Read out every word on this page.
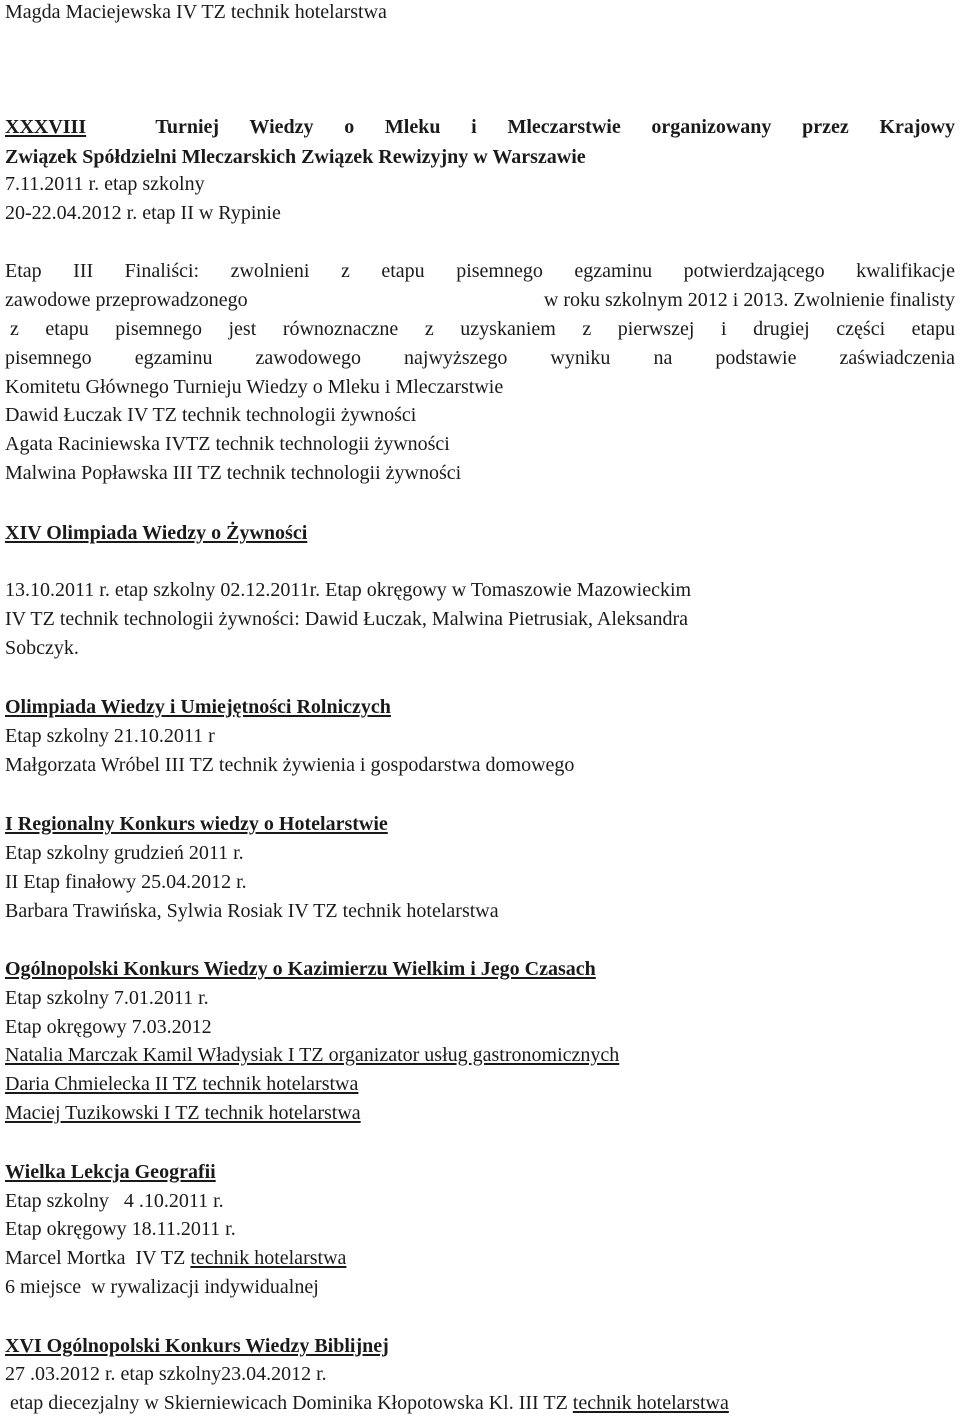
Magda Maciejewska IV TZ technik hotelarstwa
XXXVIII	Turniej Wiedzy o Mleku i Mleczarstwie organizowany przez Krajowy
Związek Spółdzielni Mleczarskich Związek Rewizyjny w Warszawie
7.11.2011 r. etap szkolny
20-22.04.2012 r. etap II w Rypinie
Etap III Finaliści: zwolnieni z etapu pisemnego egzaminu potwierdzającego kwalifikacje
zawodowe przeprowadzonego	w roku szkolnym 2012 i 2013. Zwolnienie finalisty
z etapu pisemnego jest równoznaczne z uzyskaniem z pierwszej i drugiej części etapu
pisemnego egzaminu zawodowego najwyższego wyniku na podstawie zaświadczenia
Komitetu Głównego Turnieju Wiedzy o Mleku i Mleczarstwie
Dawid Łuczak IV TZ technik technologii żywności
Agata Raciniewska IVTZ technik technologii żywności
Malwina Popławska III TZ technik technologii żywności
XIV Olimpiada Wiedzy o Żywności
13.10.2011 r. etap szkolny 02.12.2011r. Etap okręgowy w Tomaszowie Mazowieckim
IV TZ technik technologii żywności: Dawid Łuczak, Malwina Pietrusiak, Aleksandra
Sobczyk.
Olimpiada Wiedzy i Umiejętności Rolniczych
Etap szkolny 21.10.2011 r
Małgorzata Wróbel III TZ technik żywienia i gospodarstwa domowego
I Regionalny Konkurs wiedzy o Hotelarstwie
Etap szkolny grudzień 2011 r.
II Etap finałowy 25.04.2012 r.
Barbara Trawińska, Sylwia Rosiak IV TZ technik hotelarstwa
Ogólnopolski Konkurs Wiedzy o Kazimierzu Wielkim i Jego Czasach
Etap szkolny 7.01.2011 r.
Etap okręgowy 7.03.2012
Natalia Marczak Kamil Władysiak I TZ organizator usług gastronomicznych
Daria Chmielecka II TZ technik hotelarstwa
Maciej Tuzikowski I TZ technik hotelarstwa
Wielka Lekcja Geografii
Etap szkolny   4 .10.2011 r.
Etap okręgowy 18.11.2011 r.
Marcel Mortka  IV TZ technik hotelarstwa
6 miejsce  w rywalizacji indywidualnej
XVI Ogólnopolski Konkurs Wiedzy Biblijnej
27 .03.2012 r. etap szkolny23.04.2012 r.
etap diecezjalny w Skierniewicach Dominika Kłopotowska Kl. III TZ technik hotelarstwa
